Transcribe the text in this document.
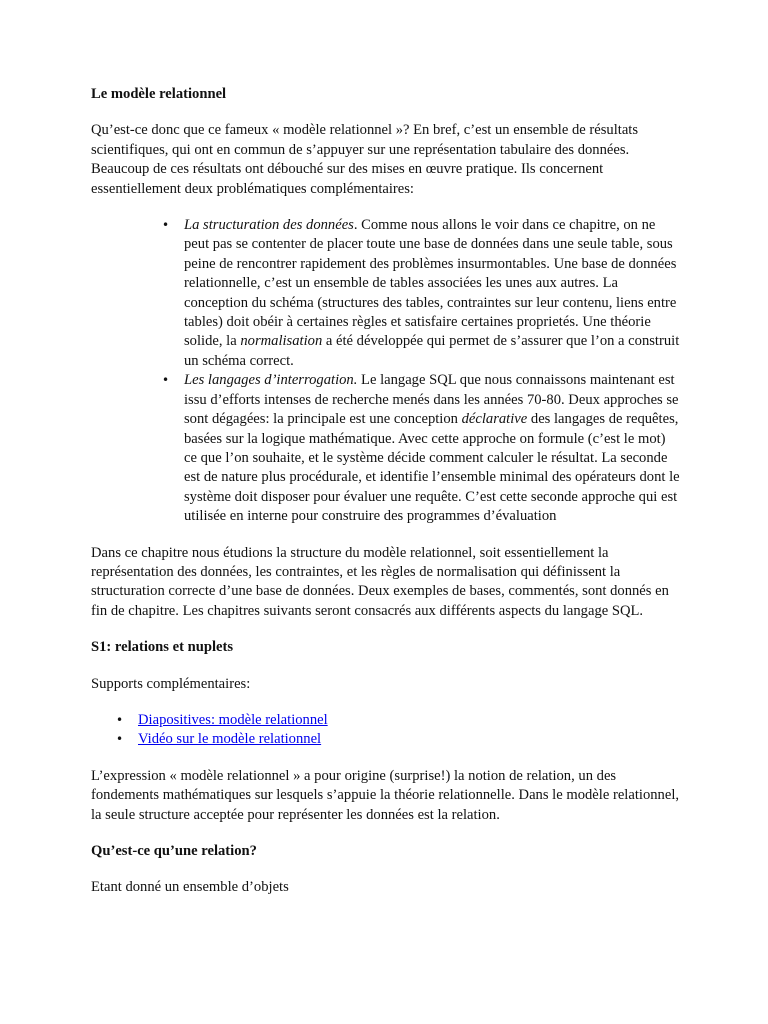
Le modèle relationnel

Qu’est-ce donc que ce fameux « modèle relationnel »? En bref, c’est un ensemble de résultats scientifiques, qui ont en commun de s’appuyer sur une représentation tabulaire des données. Beaucoup de ces résultats ont débouché sur des mises en œuvre pratique. Ils concernent essentiellement deux problématiques complémentaires:

• La structuration des données. Comme nous allons le voir dans ce chapitre, on ne peut pas se contenter de placer toute une base de données dans une seule table, sous peine de rencontrer rapidement des problèmes insurmontables. Une base de données relationnelle, c’est un ensemble de tables associées les unes aux autres. La conception du schéma (structures des tables, contraintes sur leur contenu, liens entre tables) doit obéir à certaines règles et satisfaire certaines proprietés. Une théorie solide, la normalisation a été développée qui permet de s’assurer que l’on a construit un schéma correct.
• Les langages d’interrogation. Le langage SQL que nous connaissons maintenant est issu d’efforts intenses de recherche menés dans les années 70-80. Deux approches se sont dégagées: la principale est une conception déclarative des langages de requêtes, basées sur la logique mathématique. Avec cette approche on formule (c’est le mot) ce que l’on souhaite, et le système décide comment calculer le résultat. La seconde est de nature plus procédurale, et identifie l’ensemble minimal des opérateurs dont le système doit disposer pour évaluer une requête. C’est cette seconde approche qui est utilisée en interne pour construire des programmes d’évaluation

Dans ce chapitre nous étudions la structure du modèle relationnel, soit essentiellement la représentation des données, les contraintes, et les règles de normalisation qui définissent la structuration correcte d’une base de données. Deux exemples de bases, commentés, sont donnés en fin de chapitre. Les chapitres suivants seront consacrés aux différents aspects du langage SQL.

S1: relations et nuplets

Supports complémentaires:

• Diapositives: modèle relationnel
• Vidéo sur le modèle relationnel

L’expression « modèle relationnel » a pour origine (surprise!) la notion de relation, un des fondements mathématiques sur lesquels s’appuie la théorie relationnelle. Dans le modèle relationnel, la seule structure acceptée pour représenter les données est la relation.

Qu’est-ce qu’une relation?

Etant donné un ensemble d’objets
